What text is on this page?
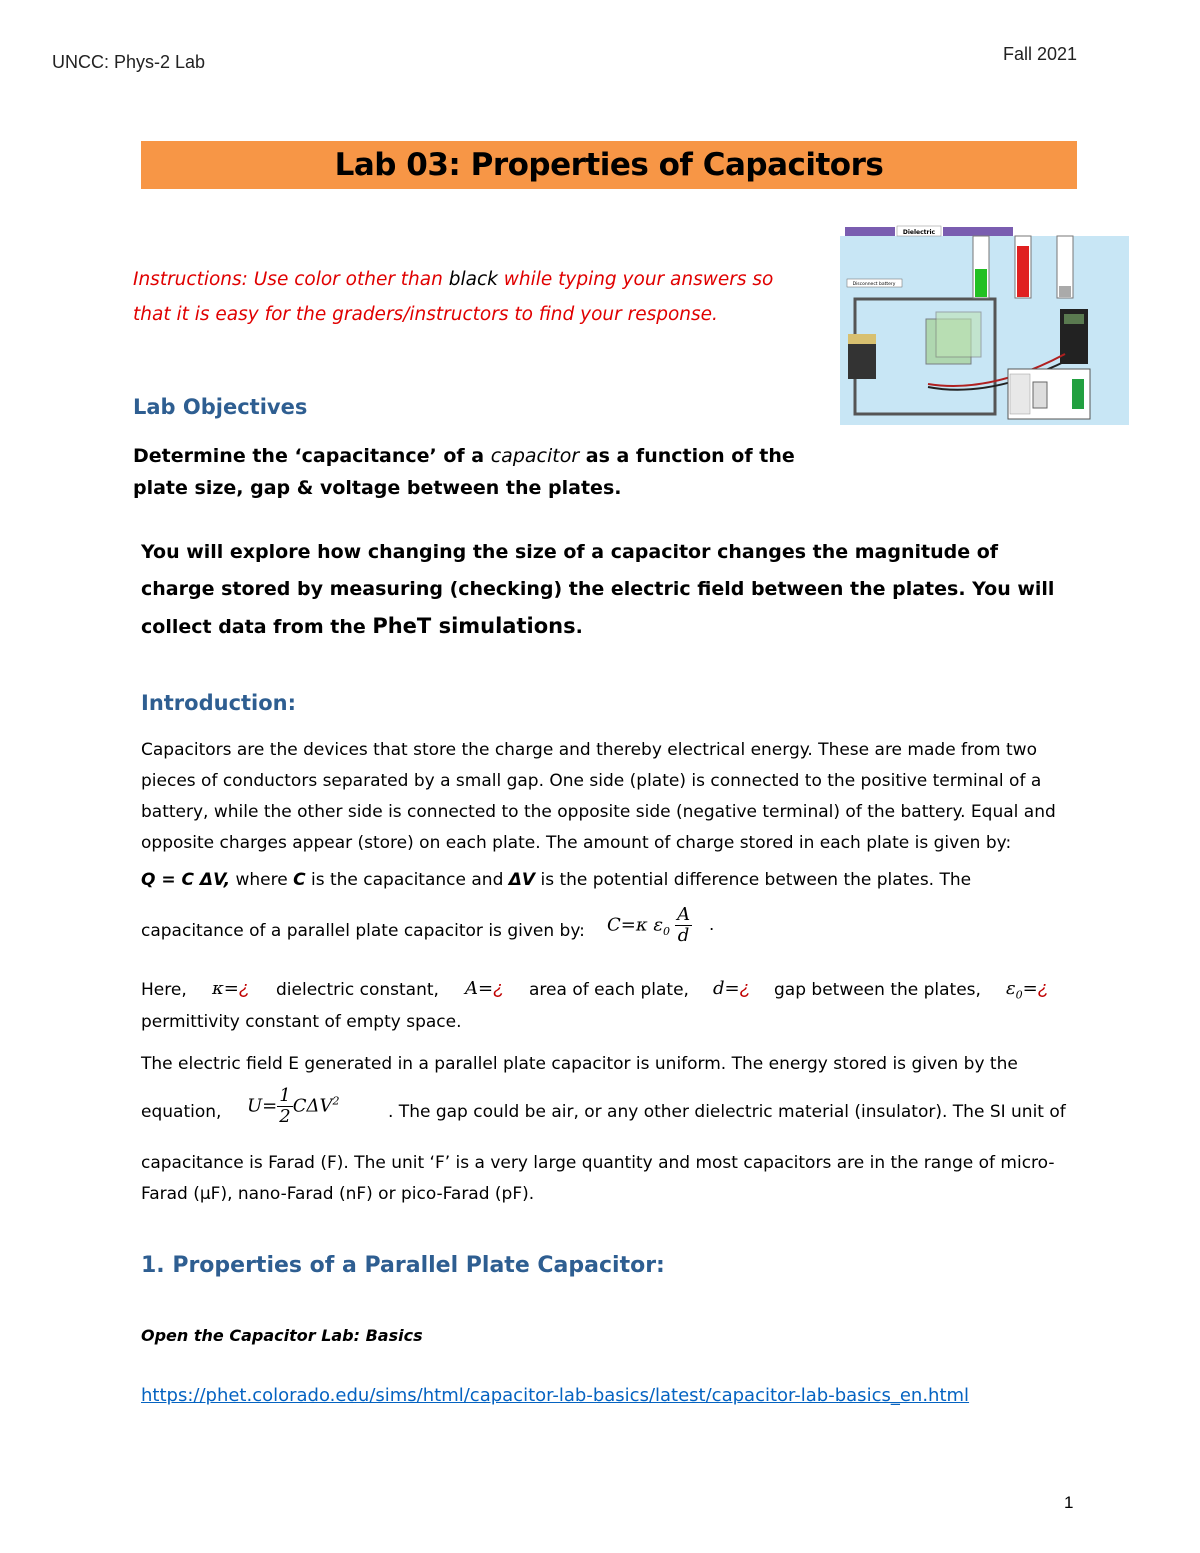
UNCC: Phys-2 Lab	Fall 2021
Lab 03: Properties of Capacitors
Instructions: Use color other than black while typing your answers so that it is easy for the graders/instructors to find your response.
Dielectric
Disconnect battery
Lab Objectives
Determine the ‘capacitance’ of a capacitor as a function of the plate size, gap & voltage between the plates.
You will explore how changing the size of a capacitor changes the magnitude of charge stored by measuring (checking) the electric field between the plates. You will collect data from the PheT simulations.
Introduction:
Capacitors are the devices that store the charge and thereby electrical energy. These are made from two pieces of conductors separated by a small gap. One side (plate) is connected to the positive terminal of a battery, while the other side is connected to the opposite side (negative terminal) of the battery. Equal and opposite charges appear (store) on each plate. The amount of charge stored in each plate is given by:
Q = C ΔV, where C is the capacitance and ΔV is the potential difference between the plates. The
capacitance of a parallel plate capacitor is given by: C=κ $\varepsilon_0 \frac{A}{d}$ .
Here, κ=¿ dielectric constant, A=¿ area of each plate, d=¿ gap between the plates, $\varepsilon_0=¿$
permittivity constant of empty space.
The electric field E generated in a parallel plate capacitor is uniform. The energy stored is given by the
equation, $U= \frac{1}{2} C\Delta V^2$
. The gap could be air, or any other dielectric material (insulator). The SI unit of
capacitance is Farad (F). The unit ‘F’ is a very large quantity and most capacitors are in the range of micro-Farad (μF), nano-Farad (nF) or pico-Farad (pF).
1. Properties of a Parallel Plate Capacitor:
Open the Capacitor Lab: Basics
https://phet.colorado.edu/sims/html/capacitor-lab-basics/latest/capacitor-lab-basics_en.html
1
